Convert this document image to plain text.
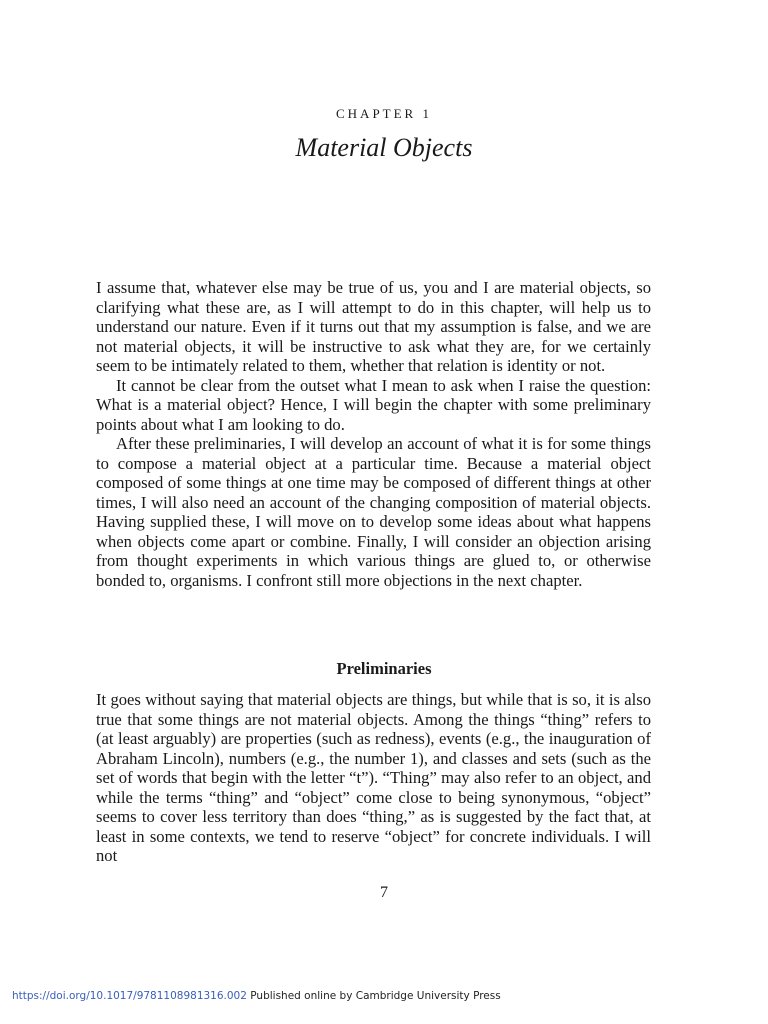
CHAPTER 1
Material Objects

I assume that, whatever else may be true of us, you and I are material objects, so clarifying what these are, as I will attempt to do in this chapter, will help us to understand our nature. Even if it turns out that my assumption is false, and we are not material objects, it will be instructive to ask what they are, for we certainly seem to be intimately related to them, whether that relation is identity or not.

It cannot be clear from the outset what I mean to ask when I raise the question: What is a material object? Hence, I will begin the chapter with some preliminary points about what I am looking to do.

After these preliminaries, I will develop an account of what it is for some things to compose a material object at a particular time. Because a material object composed of some things at one time may be composed of different things at other times, I will also need an account of the changing composition of material objects. Having supplied these, I will move on to develop some ideas about what happens when objects come apart or combine. Finally, I will consider an objection arising from thought experiments in which various things are glued to, or otherwise bonded to, organisms. I confront still more objections in the next chapter.

Preliminaries

It goes without saying that material objects are things, but while that is so, it is also true that some things are not material objects. Among the things “thing” refers to (at least arguably) are properties (such as redness), events (e.g., the inauguration of Abraham Lincoln), numbers (e.g., the number 1), and classes and sets (such as the set of words that begin with the letter “t”). “Thing” may also refer to an object, and while the terms “thing” and “object” come close to being synonymous, “object” seems to cover less territory than does “thing,” as is suggested by the fact that, at least in some contexts, we tend to reserve “object” for concrete individuals. I will not

7
https://doi.org/10.1017/9781108981316.002 Published online by Cambridge University Press
